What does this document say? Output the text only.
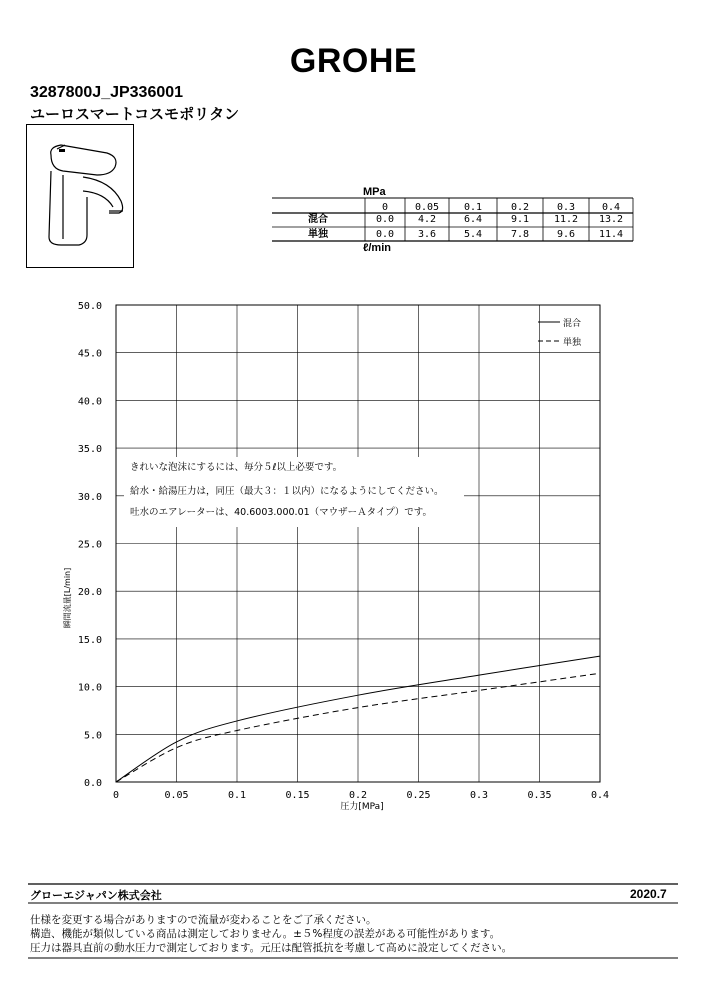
GROHE
3287800J_JP336001
ユーロスマートコスモポリタン
MPa
0	0.05 0.1	0.2	0.3	0.4
混合	0.0 4.2	6.4	9.1 11.2 13.2
単独	0.0 3.6	5.4	7.8	9.6 11.4
ℓ/min
0.0
5.0
10.0
15.0
20.0
25.0
30.0
35.0
40.0
45.0
50.0
0	0.05	0.1	0.15	0.2	0.25	0.3	0.35	0.4
圧力[MPa]
瞬間流量[L/min]
混合
単独
きれいな泡沫にするには、毎分５ℓ以上必要です。
給水・給湯圧力は，同圧（最大３：１以内）になるようにしてください。
吐水のエアレーターは、40.6003.000.01（マウザーＡタイプ）です。
グローエジャパン株式会社	2020.7
仕様を変更する場合がありますので流量が変わることをご了承ください。
構造、機能が類似している商品は測定しておりません。±５%程度の誤差がある可能性があります。
圧力は器具直前の動水圧力で測定しております。元圧は配管抵抗を考慮して高めに設定してください。
